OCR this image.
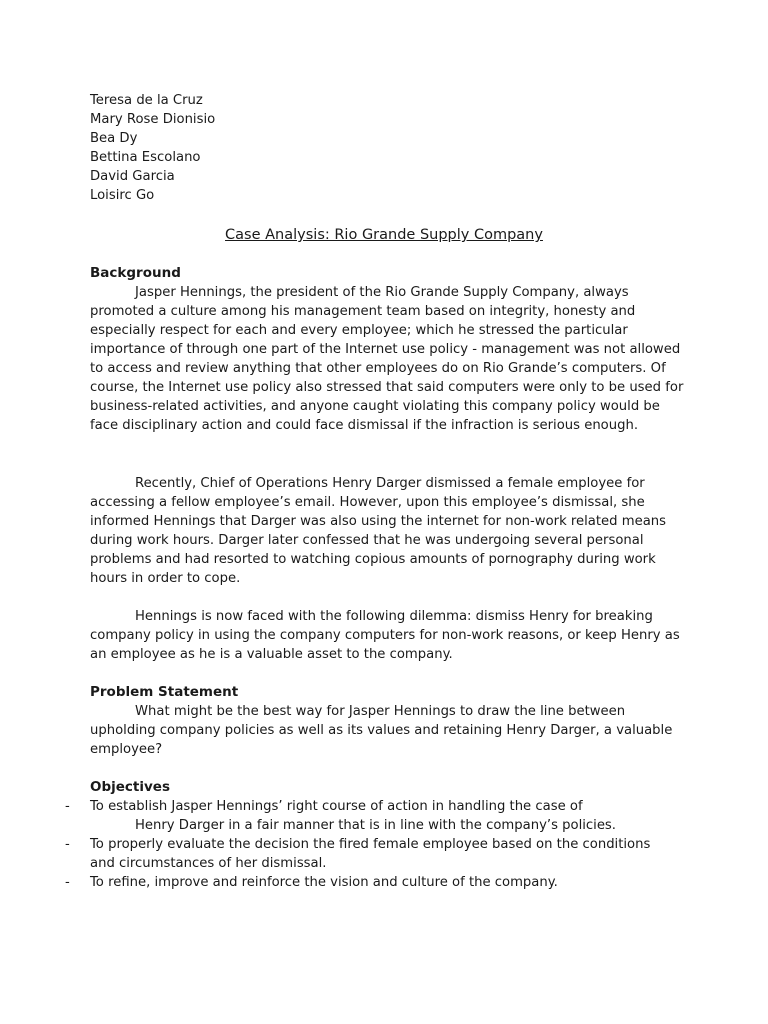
Teresa de la Cruz
Mary Rose Dionisio
Bea Dy
Bettina Escolano
David Garcia
Loisirc Go
Case Analysis: Rio Grande Supply Company
Background

Jasper Hennings, the president of the Rio Grande Supply Company, always promoted a culture among his management team based on integrity, honesty and especially respect for each and every employee; which he stressed the particular importance of through one part of the Internet use policy - management was not allowed to access and review anything that other employees do on Rio Grande’s computers. Of course, the Internet use policy also stressed that said computers were only to be used for business-related activities, and anyone caught violating this company policy would be face disciplinary action and could face dismissal if the infraction is serious enough.

Recently, Chief of Operations Henry Darger dismissed a female employee for accessing a fellow employee’s email. However, upon this employee’s dismissal, she informed Hennings that Darger was also using the internet for non-work related means during work hours. Darger later confessed that he was undergoing several personal problems and had resorted to watching copious amounts of pornography during work hours in order to cope.

Hennings is now faced with the following dilemma: dismiss Henry for breaking company policy in using the company computers for non-work reasons, or keep Henry as an employee as he is a valuable asset to the company.

Problem Statement

What might be the best way for Jasper Hennings to draw the line between upholding company policies as well as its values and retaining Henry Darger, a valuable employee?

Objectives
- To establish Jasper Hennings’ right course of action in handling the case of
Henry Darger in a fair manner that is in line with the company’s policies.
- To properly evaluate the decision the fired female employee based on the conditions
and circumstances of her dismissal.
- To refine, improve and reinforce the vision and culture of the company.
